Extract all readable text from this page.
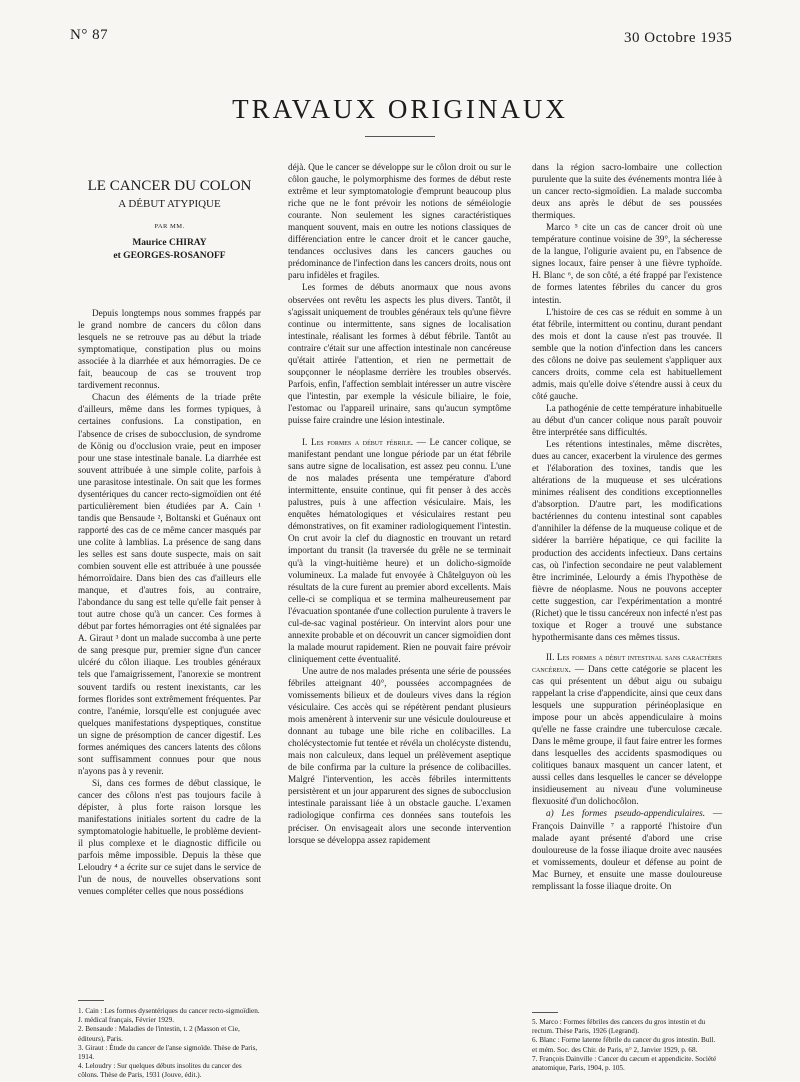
N° 87	30 Octobre 1935
TRAVAUX ORIGINAUX
LE CANCER DU COLON
A DÉBUT ATYPIQUE
PAR MM.
Maurice CHIRAY
et GEORGES-ROSANOFF

Depuis longtemps nous sommes frappés par le grand nombre de cancers du côlon dans lesquels ne se retrouve pas au début la triade symptomatique, constipation plus ou moins associée à la diarrhée et aux hémorragies. De ce fait, beaucoup de cas se trouvent trop tardivement reconnus.

Chacun des éléments de la triade prête d'ailleurs, même dans les formes typiques, à certaines confusions. La constipation, en l'absence de crises de subocclusion, de syndrome de König ou d'occlusion vraie, peut en imposer pour une stase intestinale banale. La diarrhée est souvent attribuée à une simple colite, parfois à une parasitose intestinale. On sait que les formes dysentériques du cancer recto-sigmoïdien ont été particulièrement bien étudiées par A. Cain ¹ tandis que Bensaude ², Boltanski et Guénaux ont rapporté des cas de ce même cancer masqués par une colite à lamblias. La présence de sang dans les selles est sans doute suspecte, mais on sait combien souvent elle est attribuée à une poussée hémorroïdaire. Dans bien des cas d'ailleurs elle manque, et d'autres fois, au contraire, l'abondance du sang est telle qu'elle fait penser à tout autre chose qu'à un cancer. Ces formes à début par fortes hémorragies ont été signalées par A. Giraut ³ dont un malade succomba à une perte de sang presque pur, premier signe d'un cancer ulcéré du côlon iliaque. Les troubles généraux tels que l'amaigrissement, l'anorexie se montrent souvent tardifs ou restent inexistants, car les formes florides sont extrêmement fréquentes. Par contre, l'anémie, lorsqu'elle est conjuguée avec quelques manifestations dyspeptiques, constitue un signe de présomption de cancer digestif. Les formes anémiques des cancers latents des côlons sont suffisamment connues pour que nous n'ayons pas à y revenir.

Si, dans ces formes de début classique, le cancer des côlons n'est pas toujours facile à dépister, à plus forte raison lorsque les manifestations initiales sortent du cadre de la symptomatologie habituelle, le problème devient-il plus complexe et le diagnostic difficile ou parfois même impossible. Depuis la thèse que Leloudry ⁴ a écrite sur ce sujet dans le service de l'un de nous, de nouvelles observations sont venues compléter celles que nous possédions

1. Cain : Les formes dysentériques du cancer recto-sigmoïdien. J. médical français, Février 1929.
2. Bensaude : Maladies de l'intestin, t. 2 (Masson et Cie, éditeurs), Paris.
3. Giraut : Étude du cancer de l'anse sigmoïde. Thèse de Paris, 1914.
4. Leloudry : Sur quelques débuts insolites du cancer des côlons. Thèse de Paris, 1931 (Jouve, édit.).

déjà. Que le cancer se développe sur le côlon droit ou sur le côlon gauche, le polymorphisme des formes de début reste extrême et leur symptomatologie d'emprunt beaucoup plus riche que ne le font prévoir les notions de séméiologie courante. Non seulement les signes caractéristiques manquent souvent, mais en outre les notions classiques de différenciation entre le cancer droit et le cancer gauche, tendances occlusives dans les cancers gauches ou prédominance de l'infection dans les cancers droits, nous ont paru infidèles et fragiles.

Les formes de débuts anormaux que nous avons observées ont revêtu les aspects les plus divers. Tantôt, il s'agissait uniquement de troubles généraux tels qu'une fièvre continue ou intermittente, sans signes de localisation intestinale, réalisant les formes à début fébrile. Tantôt au contraire c'était sur une affection intestinale non cancéreuse qu'était attirée l'attention, et rien ne permettait de soupçonner le néoplasme derrière les troubles observés. Parfois, enfin, l'affection semblait intéresser un autre viscère que l'intestin, par exemple la vésicule biliaire, le foie, l'estomac ou l'appareil urinaire, sans qu'aucun symptôme puisse faire craindre une lésion intestinale.

I. Les formes a début fébrile. — Le cancer colique, se manifestant pendant une longue période par un état fébrile sans autre signe de localisation, est assez peu connu. L'une de nos malades présenta une température d'abord intermittente, ensuite continue, qui fit penser à des accès palustres, puis à une affection vésiculaire. Mais, les enquêtes hématologiques et vésiculaires restant peu démonstratives, on fit examiner radiologiquement l'intestin. On crut avoir la clef du diagnostic en trouvant un retard important du transit (la traversée du grêle ne se terminait qu'à la vingt-huitième heure) et un dolicho-sigmoïde volumineux. La malade fut envoyée à Châtelguyon où les résultats de la cure furent au premier abord excellents. Mais celle-ci se compliqua et se termina malheureusement par l'évacuation spontanée d'une collection purulente à travers le cul-de-sac vaginal postérieur. On intervint alors pour une annexite probable et on découvrit un cancer sigmoïdien dont la malade mourut rapidement. Rien ne pouvait faire prévoir cliniquement cette éventualité.

Une autre de nos malades présenta une série de poussées fébriles atteignant 40°, poussées accompagnées de vomissements bilieux et de douleurs vives dans la région vésiculaire. Ces accès qui se répétèrent pendant plusieurs mois amenèrent à intervenir sur une vésicule douloureuse et donnant au tubage une bile riche en colibacilles. La cholécystectomie fut tentée et révéla un cholécyste distendu, mais non calculeux, dans lequel un prélèvement aseptique de bile confirma par la culture la présence de colibacilles. Malgré l'intervention, les accès fébriles intermittents persistèrent et un jour apparurent des signes de subocclusion intestinale paraissant liée à un obstacle gauche. L'examen radiologique confirma ces données sans toutefois les préciser. On envisageait alors une seconde intervention lorsque se développa assez rapidement

dans la région sacro-lombaire une collection purulente que la suite des événements montra liée à un cancer recto-sigmoïdien. La malade succomba deux ans après le début de ses poussées thermiques.

Marco ⁵ cite un cas de cancer droit où une température continue voisine de 39°, la sécheresse de la langue, l'oligurie avaient pu, en l'absence de signes locaux, faire penser à une fièvre typhoïde. H. Blanc ⁶, de son côté, a été frappé par l'existence de formes latentes fébriles du cancer du gros intestin.

L'histoire de ces cas se réduit en somme à un état fébrile, intermittent ou continu, durant pendant des mois et dont la cause n'est pas trouvée. Il semble que la notion d'infection dans les cancers des côlons ne doive pas seulement s'appliquer aux cancers droits, comme cela est habituellement admis, mais qu'elle doive s'étendre aussi à ceux du côté gauche.

La pathogénie de cette température inhabituelle au début d'un cancer colique nous paraît pouvoir être interprétée sans difficultés.

Les rétentions intestinales, même discrètes, dues au cancer, exacerbent la virulence des germes et l'élaboration des toxines, tandis que les altérations de la muqueuse et ses ulcérations minimes réalisent des conditions exceptionnelles d'absorption. D'autre part, les modifications bactériennes du contenu intestinal sont capables d'annihiler la défense de la muqueuse colique et de sidérer la barrière hépatique, ce qui facilite la production des accidents infectieux. Dans certains cas, où l'infection secondaire ne peut valablement être incriminée, Lelourdy a émis l'hypothèse de fièvre de néoplasme. Nous ne pouvons accepter cette suggestion, car l'expérimentation a montré (Richet) que le tissu cancéreux non infecté n'est pas toxique et Roger a trouvé une substance hypothermisante dans ces mêmes tissus.

II. Les formes a début intestinal sans caractères cancéreux. — Dans cette catégorie se placent les cas qui présentent un début aigu ou subaigu rappelant la crise d'appendicite, ainsi que ceux dans lesquels une suppuration périnéoplasique en impose pour un abcès appendiculaire à moins qu'elle ne fasse craindre une tuberculose cæcale. Dans le même groupe, il faut faire entrer les formes dans lesquelles des accidents spasmodiques ou colitiques banaux masquent un cancer latent, et aussi celles dans lesquelles le cancer se développe insidieusement au niveau d'une volumineuse flexuosité d'un dolichocôlon.

a) Les formes pseudo-appendiculaires. — François Dainville ⁷ a rapporté l'histoire d'un malade ayant présenté d'abord une crise douloureuse de la fosse iliaque droite avec nausées et vomissements, douleur et défense au point de Mac Burney, et ensuite une masse douloureuse remplissant la fosse iliaque droite. On

5. Marco : Formes fébriles des cancers du gros intestin et du rectum. Thèse Paris, 1926 (Legrand).
6. Blanc : Forme latente fébrile du cancer du gros intestin. Bull. et mém. Soc. des Chir. de Paris, n° 2, Janvier 1929, p. 68.
7. François Dainville : Cancer du cæcum et appendicite. Société anatomique, Paris, 1904, p. 105.
